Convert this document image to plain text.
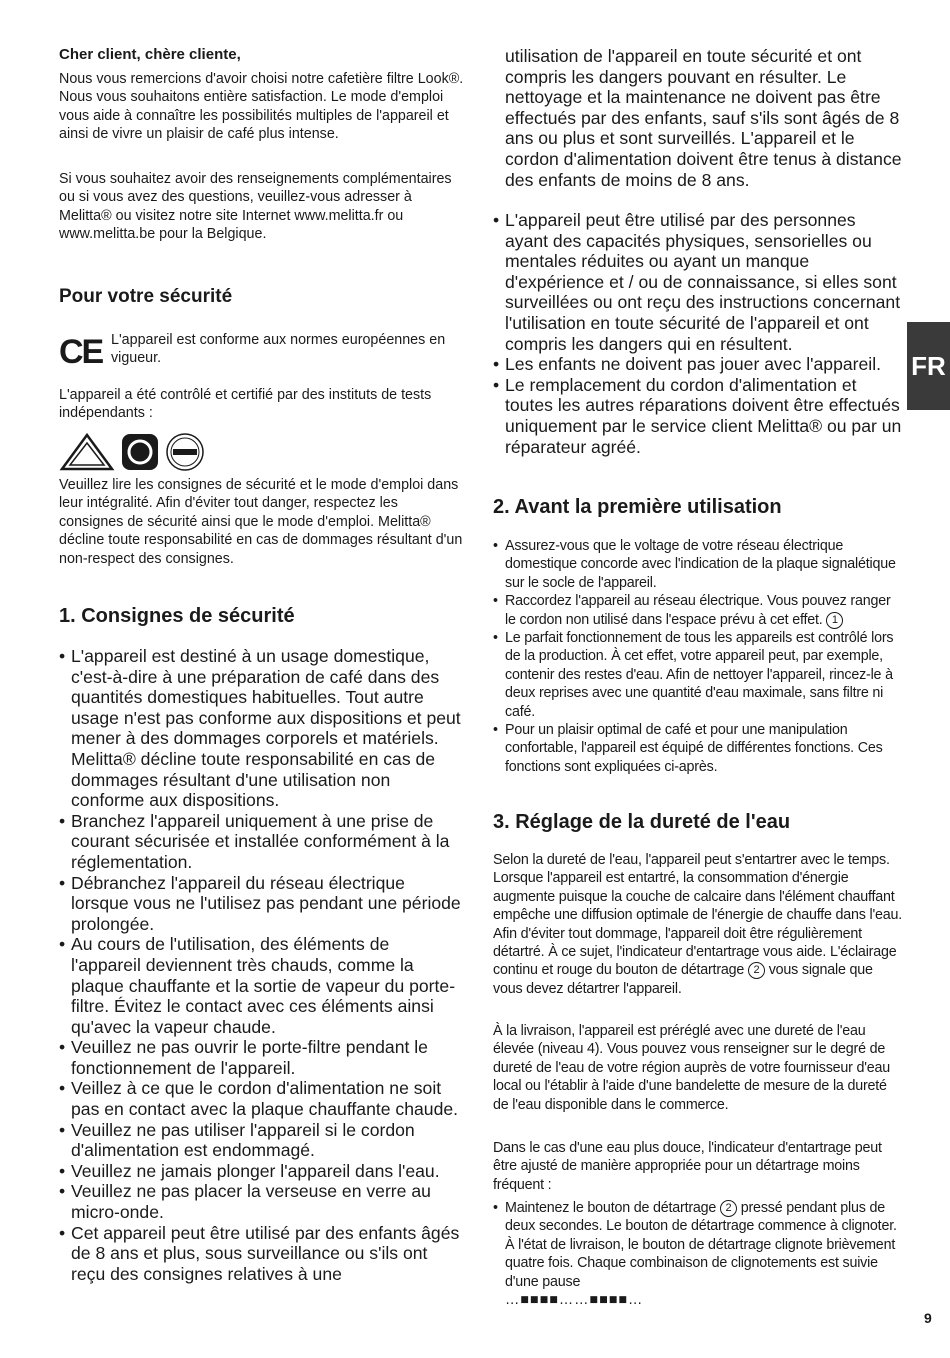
FR

Cher client, chère cliente,

Nous vous remercions d'avoir choisi notre cafetière filtre Look®. Nous vous souhaitons entière satisfaction. Le mode d'emploi vous aide à connaître les possibilités multiples de l'appareil et ainsi de vivre un plaisir de café plus intense.

Si vous souhaitez avoir des renseignements complémentaires ou si vous avez des questions, veuillez-vous adresser à Melitta® ou visitez notre site Internet www.melitta.fr ou www.melitta.be pour la Belgique.

Pour votre sécurité
CE L'appareil est conforme aux normes européennes en vigueur.

L'appareil a été contrôlé et certifié par des instituts de tests indépendants :

Veuillez lire les consignes de sécurité et le mode d'emploi dans leur intégralité. Afin d'éviter tout danger, respectez les consignes de sécurité ainsi que le mode d'emploi. Melitta® décline toute responsabilité en cas de dommages résultant d'un non-respect des consignes.

1. Consignes de sécurité
• L'appareil est destiné à un usage domestique, c'est-à-dire à une préparation de café dans des quantités domestiques habituelles. Tout autre usage n'est pas conforme aux dispositions et peut mener à des dommages corporels et matériels. Melitta® décline toute responsabilité en cas de dommages résultant d'une utilisation non conforme aux dispositions.
• Branchez l'appareil uniquement à une prise de courant sécurisée et installée conformément à la réglementation.
• Débranchez l'appareil du réseau électrique lorsque vous ne l'utilisez pas pendant une période prolongée.
• Au cours de l'utilisation, des éléments de l'appareil deviennent très chauds, comme la plaque chauffante et la sortie de vapeur du porte-filtre. Évitez le contact avec ces éléments ainsi qu'avec la vapeur chaude.
• Veuillez ne pas ouvrir le porte-filtre pendant le fonctionnement de l'appareil.
• Veillez à ce que le cordon d'alimentation ne soit pas en contact avec la plaque chauffante chaude.
• Veuillez ne pas utiliser l'appareil si le cordon d'alimentation est endommagé.
• Veuillez ne jamais plonger l'appareil dans l'eau.
• Veuillez ne pas placer la verseuse en verre au micro-onde.
• Cet appareil peut être utilisé par des enfants âgés de 8 ans et plus, sous surveillance ou s'ils ont reçu des consignes relatives à une

utilisation de l'appareil en toute sécurité et ont compris les dangers pouvant en résulter. Le nettoyage et la maintenance ne doivent pas être effectués par des enfants, sauf s'ils sont âgés de 8 ans ou plus et sont surveillés. L'appareil et le cordon d'alimentation doivent être tenus à distance des enfants de moins de 8 ans.

• L'appareil peut être utilisé par des personnes ayant des capacités physiques, sensorielles ou mentales réduites ou ayant un manque d'expérience et / ou de connaissance, si elles sont surveillées ou ont reçu des instructions concernant l'utilisation en toute sécurité de l'appareil et ont compris les dangers qui en résultent.
• Les enfants ne doivent pas jouer avec l'appareil.
• Le remplacement du cordon d'alimentation et toutes les autres réparations doivent être effectués uniquement par le service client Melitta® ou par un réparateur agréé.
2. Avant la première utilisation
• Assurez-vous que le voltage de votre réseau électrique domestique concorde avec l'indication de la plaque signalétique sur le socle de l'appareil.
• Raccordez l'appareil au réseau électrique. Vous pouvez ranger le cordon non utilisé dans l'espace prévu à cet effet. 1
• Le parfait fonctionnement de tous les appareils est contrôlé lors de la production. À cet effet, votre appareil peut, par exemple, contenir des restes d'eau. Afin de nettoyer l'appareil, rincez-le à deux reprises avec une quantité d'eau maximale, sans filtre ni café.
• Pour un plaisir optimal de café et pour une manipulation confortable, l'appareil est équipé de différentes fonctions. Ces fonctions sont expliquées ci-après.
3. Réglage de la dureté de l'eau

Selon la dureté de l'eau, l'appareil peut s'entartrer avec le temps. Lorsque l'appareil est entartré, la consommation d'énergie augmente puisque la couche de calcaire dans l'élément chauffant empêche une diffusion optimale de l'énergie de chauffe dans l'eau. Afin d'éviter tout dommage, l'appareil doit être régulièrement détartré. À ce sujet, l'indicateur d'entartrage vous aide. L'éclairage continu et rouge du bouton de détartrage 2 vous signale que vous devez détartrer l'appareil.

À la livraison, l'appareil est préréglé avec une dureté de l'eau élevée (niveau 4). Vous pouvez vous renseigner sur le degré de dureté de l'eau de votre région auprès de votre fournisseur d'eau local ou l'établir à l'aide d'une bandelette de mesure de la dureté de l'eau disponible dans le commerce.

Dans le cas d'une eau plus douce, l'indicateur d'entartrage peut être ajusté de manière appropriée pour un détartrage moins fréquent :

• Maintenez le bouton de détartrage 2 pressé pendant plus de deux secondes. Le bouton de détartrage commence à clignoter. À l'état de livraison, le bouton de détartrage clignote brièvement quatre fois. Chaque combinaison de clignotements est suivie d'une pause
…■■■■……■■■■…
9
